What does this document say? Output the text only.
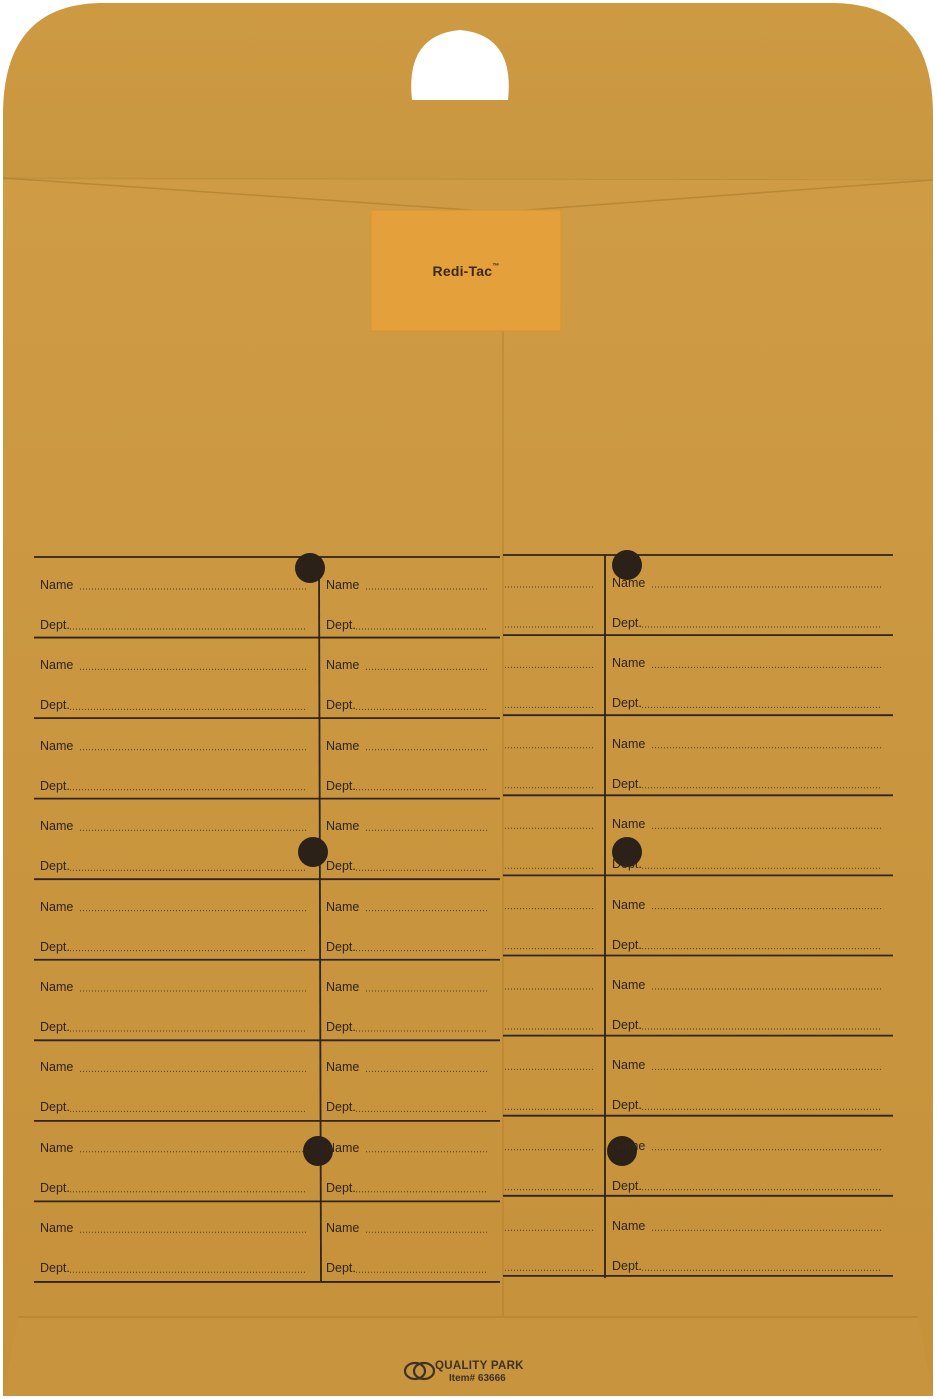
Redi-Tac™
Name
Dept.
Name
Dept.
Name
Dept.
Name
Dept.
Name
Dept.
Name
Dept.
Name
Dept.
Name
Dept.
Name
Dept.
Name
Dept.
Name
Dept.
Name
Dept.
Name
Dept.
Name
Dept.
Name
Dept.
Name
Dept.
Name
Dept.
Name
Dept.
Name
Dept.
Name
Dept.
Name
Dept.
Name
Dept.
Name
Dept.
Name
Dept.
Name
Dept.
Name
Dept.
Name
Dept.
QUALITY PARK
Item# 63666
